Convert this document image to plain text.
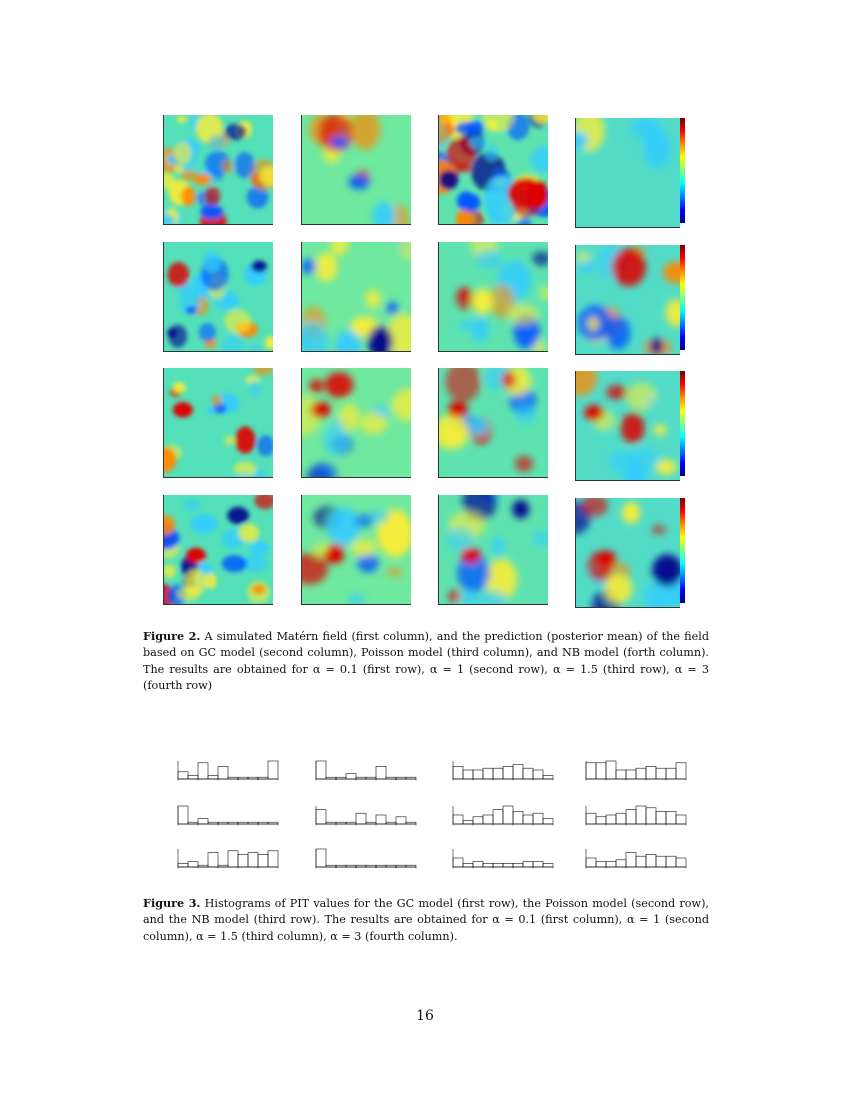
Figure 2. A simulated Matérn field (first column), and the prediction (posterior mean) of the field based on GC model (second column), Poisson model (third column), and NB model (forth column). The results are obtained for α = 0.1 (first row), α = 1 (second row), α = 1.5 (third row), α = 3 (fourth row)
Figure 3. Histograms of PIT values for the GC model (first row), the Poisson model (second row), and the NB model (third row). The results are obtained for α = 0.1 (first column), α = 1 (second column), α = 1.5 (third column), α = 3 (fourth column).
16
